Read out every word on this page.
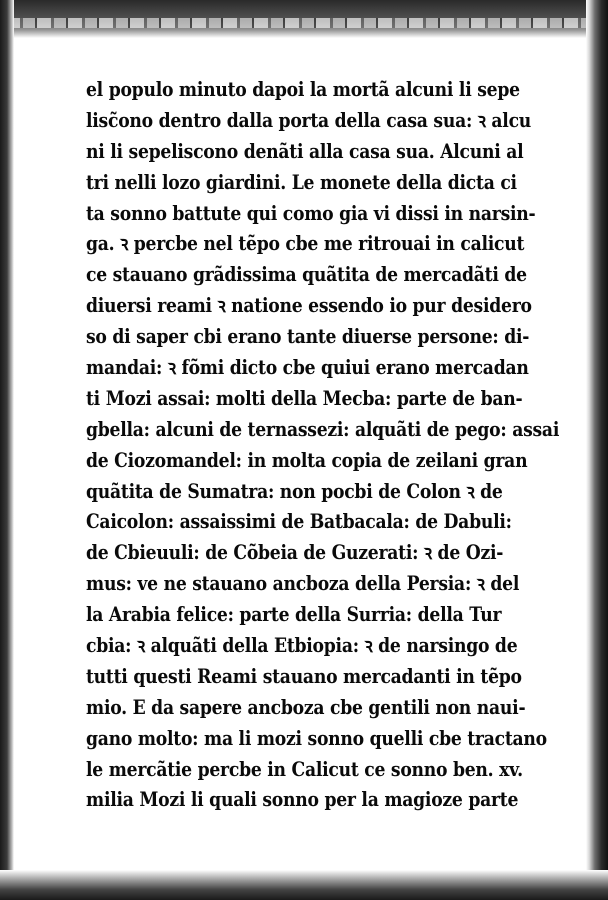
el populo minuto dapoi la mortã alcuni li sepe
lisc̃ono dentro dalla porta della casa sua: ꝛ alcu
ni li sepeliscono denãti alla casa sua. Alcuni al
tri nelli lozo giardini. Le monete della dicta ci
ta sonno battute qui como gia vi dissi in narsin-
ga. ꝛ percbe nel tẽpo cbe me ritrouai in calicut
ce stauano grãdissima quãtita de mercadãti de
diuersi reami ꝛ natione essendo io pur desidero
so di saper cbi erano tante diuerse persone: di-
mandai: ꝛ fõmi dicto cbe quiui erano mercadan
ti Mozi assai: molti della Mecba: parte de ban-
gbella: alcuni de ternassezi: alquãti de pego: assai
de Ciozomandel: in molta copia de zeilani gran
quãtita de Sumatra: non pocbi de Colon ꝛ de
Caicolon: assaissimi de Batbacala: de Dabuli:
de Cbieuuli: de Cõbeia de Guzerati: ꝛ de Ozi-
mus: ve ne stauano ancboza della Persia: ꝛ del
la Arabia felice: parte della Surria: della Tur
cbia: ꝛ alquãti della Etbiopia: ꝛ de narsingo de
tutti questi Reami stauano mercadanti in tẽpo
mio. E da sapere ancboza cbe gentili non naui-
gano molto: ma li mozi sonno quelli cbe tractano
le mercãtie percbe in Calicut ce sonno ben. xv.
milia Mozi li quali sonno per la magioze parte
